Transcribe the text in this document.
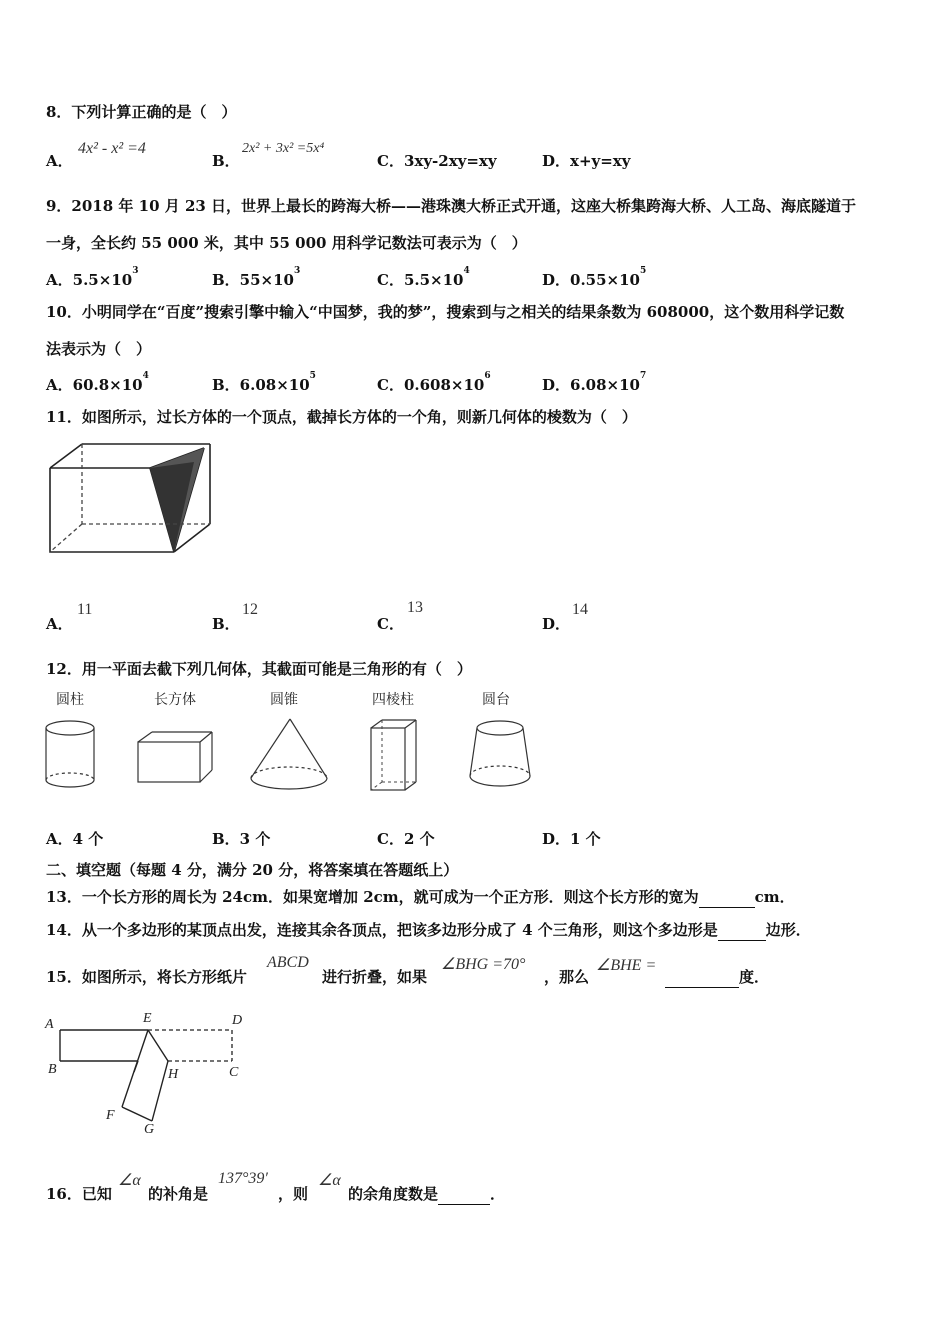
8．下列计算正确的是（　）
A．
4x² - x² =4
B．
2x² + 3x² =5x⁴
C．3xy-2xy=xy	D．x+y=xy
9．2018 年 10 月 23 日，世界上最长的跨海大桥——港珠澳大桥正式开通，这座大桥集跨海大桥、人工岛、海底隧道于
一身，全长约 55 000 米，其中 55 000 用科学记数法可表示为（　）
A．$5.5\times 10^3$	B．$55\times 10^3$	C．$5.5\times 10^4$	D．$0.55\times 10^5$
10．小明同学在“百度”搜索引擎中输入“中国梦，我的梦”，搜索到与之相关的结果条数为 608000，这个数用科学记数
法表示为（　）
A．$60.8\times 10^4$	B．$6.08\times 10^5$	C．$0.608\times 10^6$	D．$6.08\times 10^7$
11．如图所示，过长方体的一个顶点，截掉长方体的一个角，则新几何体的棱数为（　）
A．
11
B．
12
C．
13
D．
14
12．用一平面去截下列几何体，其截面可能是三角形的有（　）
圆柱	长方体	圆锥	四棱柱	圆台
A．4 个	B．3 个	C．2 个	D．1 个
二、填空题（每题 4 分，满分 20 分，将答案填在答题纸上）
13．一个长方形的周长为 24cm．如果宽增加 2cm，就可成为一个正方形．则这个长方形的宽为	cm．
14．从一个多边形的某顶点出发，连接其余各顶点，把该多边形分成了 4 个三角形，则这个多边形是	边形．
15．如图所示，将长方形纸片
ABCD
进行折叠，如果
∠BHG =70°
，那么
∠BHE =
度．
A	E	D
B	H	C
F
G
16．已知
∠α
的补角是
137°39′
，则
∠α
的余角度数是	．
